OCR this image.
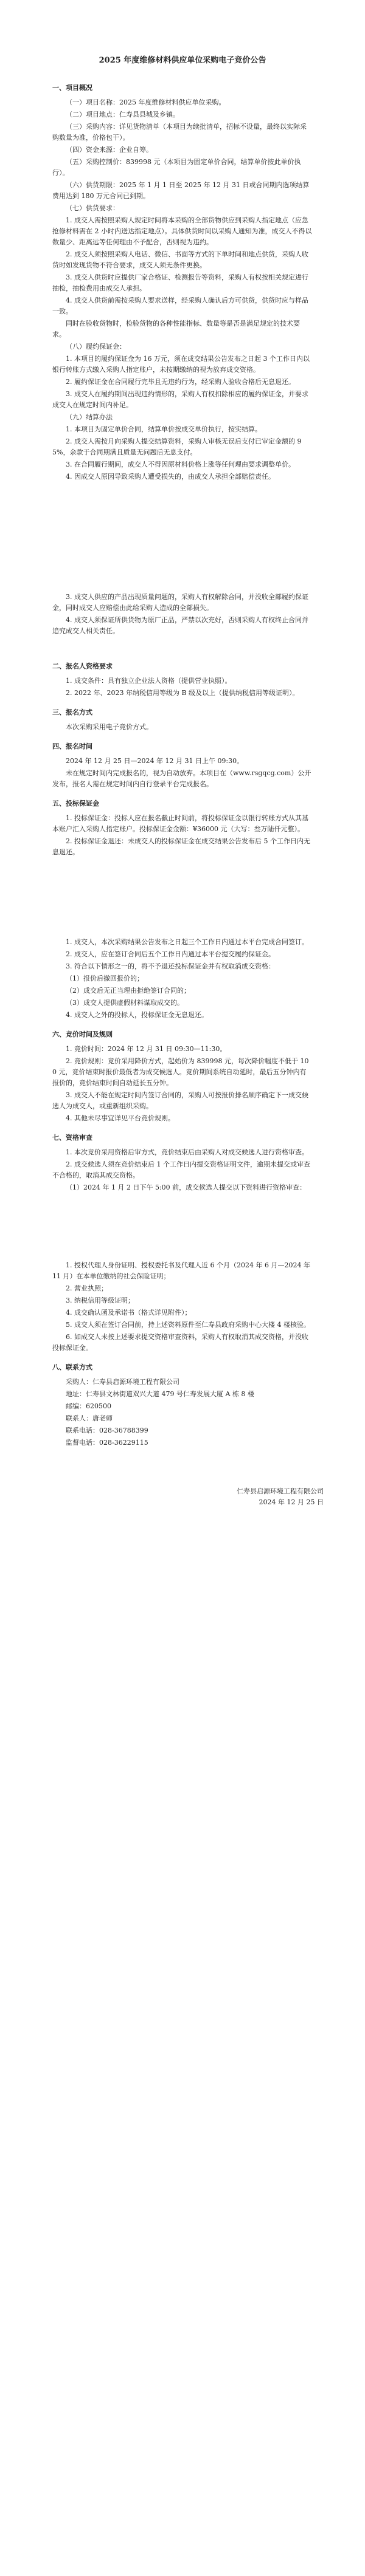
2025 年度维修材料供应单位采购电子竞价公告
一、项目概况
（一）项目名称：2025 年度维修材料供应单位采购。
（二）项目地点：仁寿县县城及乡镇。
（三）采购内容：详见货物清单（本项目为续批清单，招标不设量，最终以实际采购数量为准，价格包干）。
（四）资金来源：企业自筹。
（五）采购控制价：839998 元（本项目为固定单价合同，结算单价按此单价执行）。
（六）供货期限：2025 年 1 月 1 日至 2025 年 12 月 31 日或合同期内选项结算费用达到 180 万元合同已到期。
（七）供货要求：
1. 成交人需按照采购人规定时间将本采购的全部货物供应到采购人指定地点（应急抢修材料需在 2 小时内送达指定地点）。具体供货时间以采购人通知为准，成交人不得以数量少、距离远等任何理由不予配合，否则视为违约。
2. 成交人须按照采购人电话、微信、书面等方式的下单时间和地点供货，采购人收货时如发现货物不符合要求，成交人须无条件更换。
3. 成交人供货时应提供厂家合格证、检测报告等资料，采购人有权按相关规定进行抽检，抽检费用由成交人承担。
4. 成交人供货前需按采购人要求送样，经采购人确认后方可供货，供货时应与样品一致。
同时在验收货物时，检验货物的各种性能指标、数量等是否是满足规定的技术要求。
（八）履约保证金：
1. 本项目的履约保证金为 16 万元，须在成交结果公告发布之日起 3 个工作日内以银行转账方式缴入采购人指定账户，未按期缴纳的视为放弃成交资格。
2. 履约保证金在合同履行完毕且无违约行为，经采购人验收合格后无息退还。
3. 成交人在履约期间出现违约情形的，采购人有权扣除相应的履约保证金，并要求成交人在规定时间内补足。
（九）结算办法
1. 本项目为固定单价合同，结算单价按成交单价执行，按实结算。
2. 成交人需按月向采购人提交结算资料，采购人审核无误后支付已审定金额的 95%，余款于合同期满且质量无问题后无息支付。
3. 在合同履行期间，成交人不得因原材料价格上涨等任何理由要求调整单价。
4. 因成交人原因导致采购人遭受损失的，由成交人承担全部赔偿责任。
3. 成交人供应的产品出现质量问题的，采购人有权解除合同，并没收全部履约保证金，同时成交人应赔偿由此给采购人造成的全部损失。
4. 成交人须保证所供货物为原厂正品，严禁以次充好，否则采购人有权终止合同并追究成交人相关责任。
二、报名人资格要求
1. 成交条件：具有独立企业法人资格（提供营业执照）。
2. 2022 年、2023 年纳税信用等级为 B 级及以上（提供纳税信用等级证明）。
三、报名方式
本次采购采用电子竞价方式。
四、报名时间
2024 年 12 月 25 日—2024 年 12 月 31 日上午 09:30。
未在规定时间内完成报名的，视为自动放弃。本项目在（www.rsgqcg.com）公开发布，报名人需在规定时间内自行登录平台完成报名。
五、投标保证金
1. 投标保证金：投标人应在报名截止时间前，将投标保证金以银行转账方式从其基本账户汇入采购人指定账户。投标保证金金额：¥36000 元（大写：叁万陆仟元整）。
2. 投标保证金退还：未成交人的投标保证金在成交结果公告发布后 5 个工作日内无息退还。
1. 成交人，本次采购结果公告发布之日起三个工作日内通过本平台完成合同签订。
2. 成交人，应在签订合同后五个工作日内通过本平台提交履约保证金。
3. 符合以下情形之一的，将不予退还投标保证金并有权取消成交资格：
（1）报价后撤回报价的；
（2）成交后无正当理由拒绝签订合同的；
（3）成交人提供虚假材料谋取成交的。
4. 成交人之外的投标人，投标保证金无息退还。
六、竞价时间及规则
1. 竞价时间：2024 年 12 月 31 日 09:30—11:30。
2. 竞价规则：竞价采用降价方式，起始价为 839998 元，每次降价幅度不低于 100 元，竞价结束时报价最低者为成交候选人。竞价期间系统自动延时，最后五分钟内有报价的，竞价结束时间自动延长五分钟。
3. 成交人不能在规定时间内签订合同的，采购人可按报价排名顺序确定下一成交候选人为成交人，或重新组织采购。
4. 其他未尽事宜详见平台竞价规则。
七、资格审查
1. 本次竞价采用资格后审方式，竞价结束后由采购人对成交候选人进行资格审查。
2. 成交候选人须在竞价结束后 1 个工作日内提交资格证明文件，逾期未提交或审查不合格的，取消其成交资格。
（1）2024 年 1 月 2 日下午 5:00 前，成交候选人提交以下资料进行资格审查：
1. 授权代理人身份证明、授权委托书及代理人近 6 个月（2024 年 6 月—2024 年 11 月）在本单位缴纳的社会保险证明；
2. 营业执照；
3. 纳税信用等级证明；
4. 成交确认函及承诺书（格式详见附件）；
5. 成交人须在签订合同前，持上述资料原件至仁寿县政府采购中心大楼 4 楼核验。
6. 如成交人未按上述要求提交资格审查资料，采购人有权取消其成交资格，并没收投标保证金。
八、联系方式
采购人：仁寿县启源环境工程有限公司
地址：仁寿县文林街道双兴大道 479 号仁寿发展大厦 A 栋 8 楼
邮编：620500
联系人：唐老师
联系电话：028-36788399
监督电话：028-36229115
仁寿县启源环境工程有限公司
2024 年 12 月 25 日
